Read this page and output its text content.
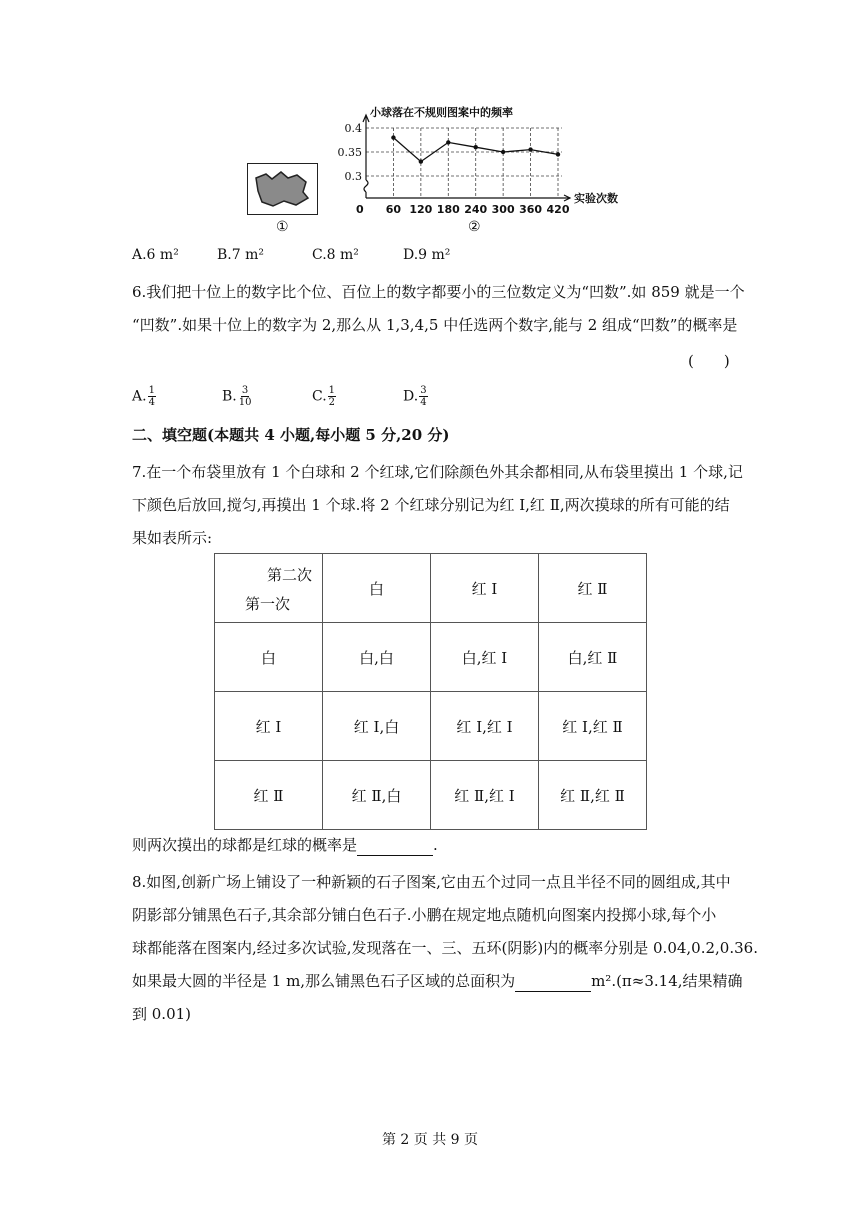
①
小球落在不规则图案中的频率
0.3
0.35
0.4
60 120 180 240 300 360 420
0
实验次数
②
A.6 m²	B.7 m²	C.8 m²	D.9 m²
6.我们把十位上的数字比个位、百位上的数字都要小的三位数定义为“凹数”.如 859 就是一个
“凹数”.如果十位上的数字为 2,那么从 1,3,4,5 中任选两个数字,能与 2 组成“凹数”的概率是
(　　)
A. $\frac{1}{4}$	B. $\frac{3}{10}$	C. $\frac{1}{2}$	D. $\frac{3}{4}$
二、填空题(本题共 4 小题,每小题 5 分,20 分)
7.在一个布袋里放有 1 个白球和 2 个红球,它们除颜色外其余都相同,从布袋里摸出 1 个球,记
下颜色后放回,搅匀,再摸出 1 个球.将 2 个红球分别记为红 Ⅰ,红 Ⅱ,两次摸球的所有可能的结
果如表所示:
第二次
第一次	白	红 Ⅰ	红 Ⅱ
白	白,白	白,红 Ⅰ	白,红 Ⅱ
红 Ⅰ	红 Ⅰ,白	红 Ⅰ,红 Ⅰ	红 Ⅰ,红 Ⅱ
红 Ⅱ	红 Ⅱ,白	红 Ⅱ,红 Ⅰ	红 Ⅱ,红 Ⅱ
则两次摸出的球都是红球的概率是	.
8.如图,创新广场上铺设了一种新颖的石子图案,它由五个过同一点且半径不同的圆组成,其中
阴影部分铺黑色石子,其余部分铺白色石子.小鹏在规定地点随机向图案内投掷小球,每个小
球都能落在图案内,经过多次试验,发现落在一、三、五环(阴影)内的概率分别是 0.04,0.2,0.36.
如果最大圆的半径是 1 m,那么铺黑色石子区域的总面积为	m².(π≈3.14,结果精确
到 0.01)
第 2 页 共 9 页
